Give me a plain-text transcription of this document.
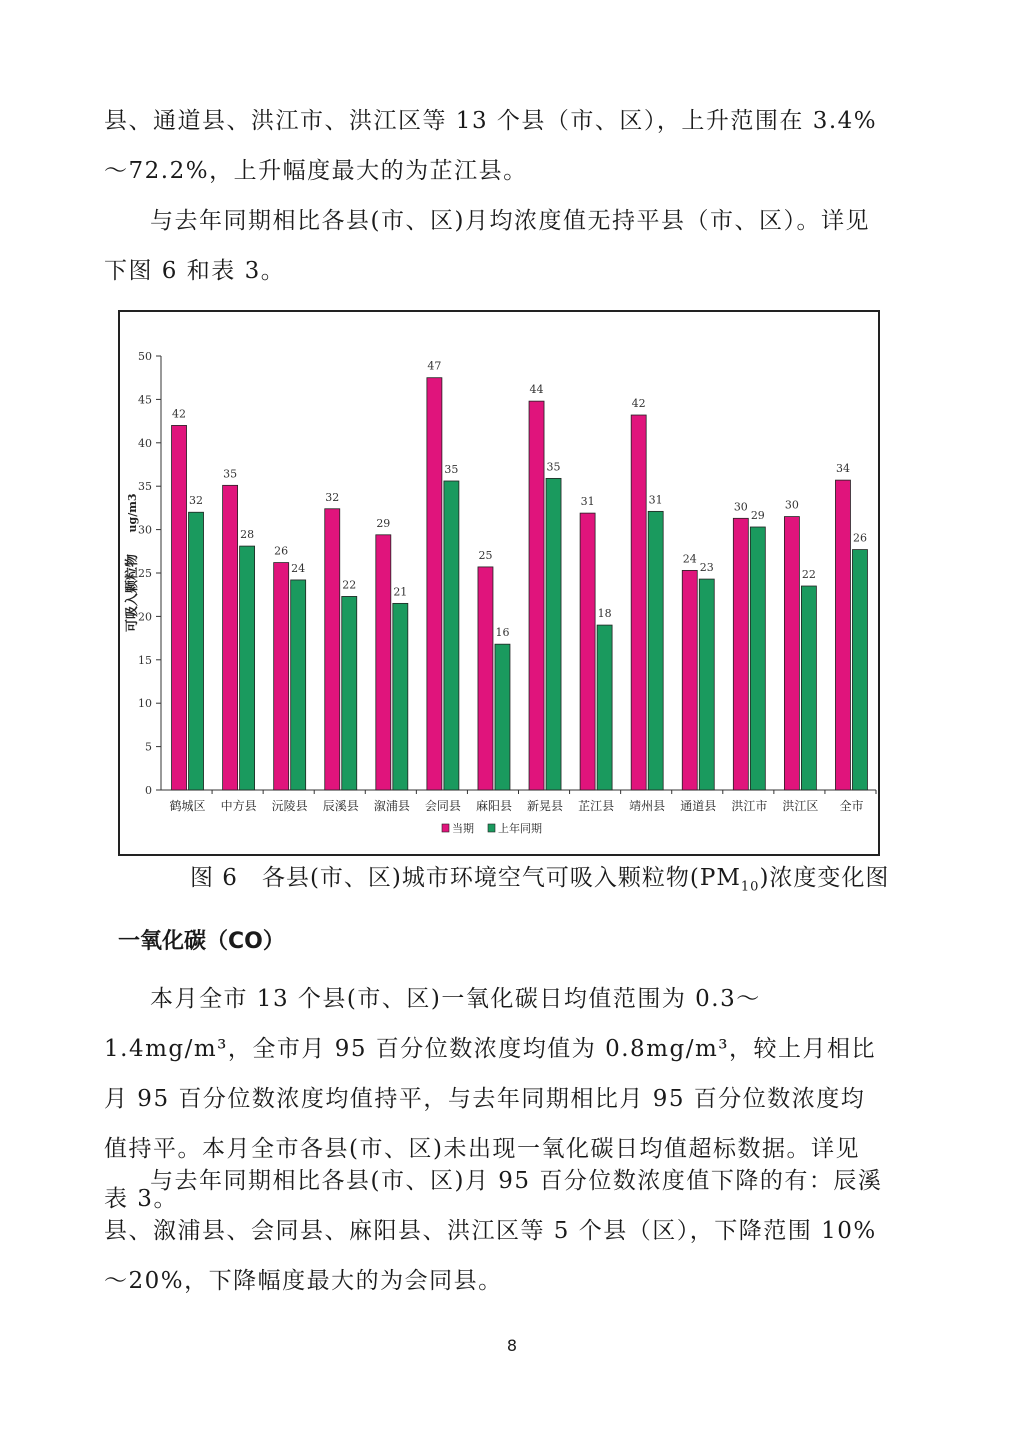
县、通道县、洪江市、洪江区等 13 个县（市、区），上升范围在 3.4%～72.2%，上升幅度最大的为芷江县。

与去年同期相比各县(市、区)月均浓度值无持平县（市、区）。详见下图 6 和表 3。

0
5
10
15
20
25
30
35
40
45
50
可吸入颗粒物
ug/m3
42
32
鹤城区
35
28
中方县
26
24
沅陵县
32
22
辰溪县
29
21
溆浦县
47
35
会同县
25
16
麻阳县
44
35
新晃县
31
18
芷江县
42
31
靖州县
24
23
通道县
30
29
洪江市
30
22
洪江区
34
26
全市
当期 上年同期

图 6　各县(市、区)城市环境空气可吸入颗粒物$(PM_{10})$浓度变化图

一氧化碳（CO）

本月全市 13 个县(市、区)一氧化碳日均值范围为 0.3～1.4mg/m³，全市月 95 百分位数浓度均值为 0.8mg/m³，较上月相比月 95 百分位数浓度均值持平，与去年同期相比月 95 百分位数浓度均值持平。本月全市各县(市、区)未出现一氧化碳日均值超标数据。详见表 3。

与去年同期相比各县(市、区)月 95 百分位数浓度值下降的有：辰溪县、溆浦县、会同县、麻阳县、洪江区等 5 个县（区），下降范围 10%～20%，下降幅度最大的为会同县。

8
